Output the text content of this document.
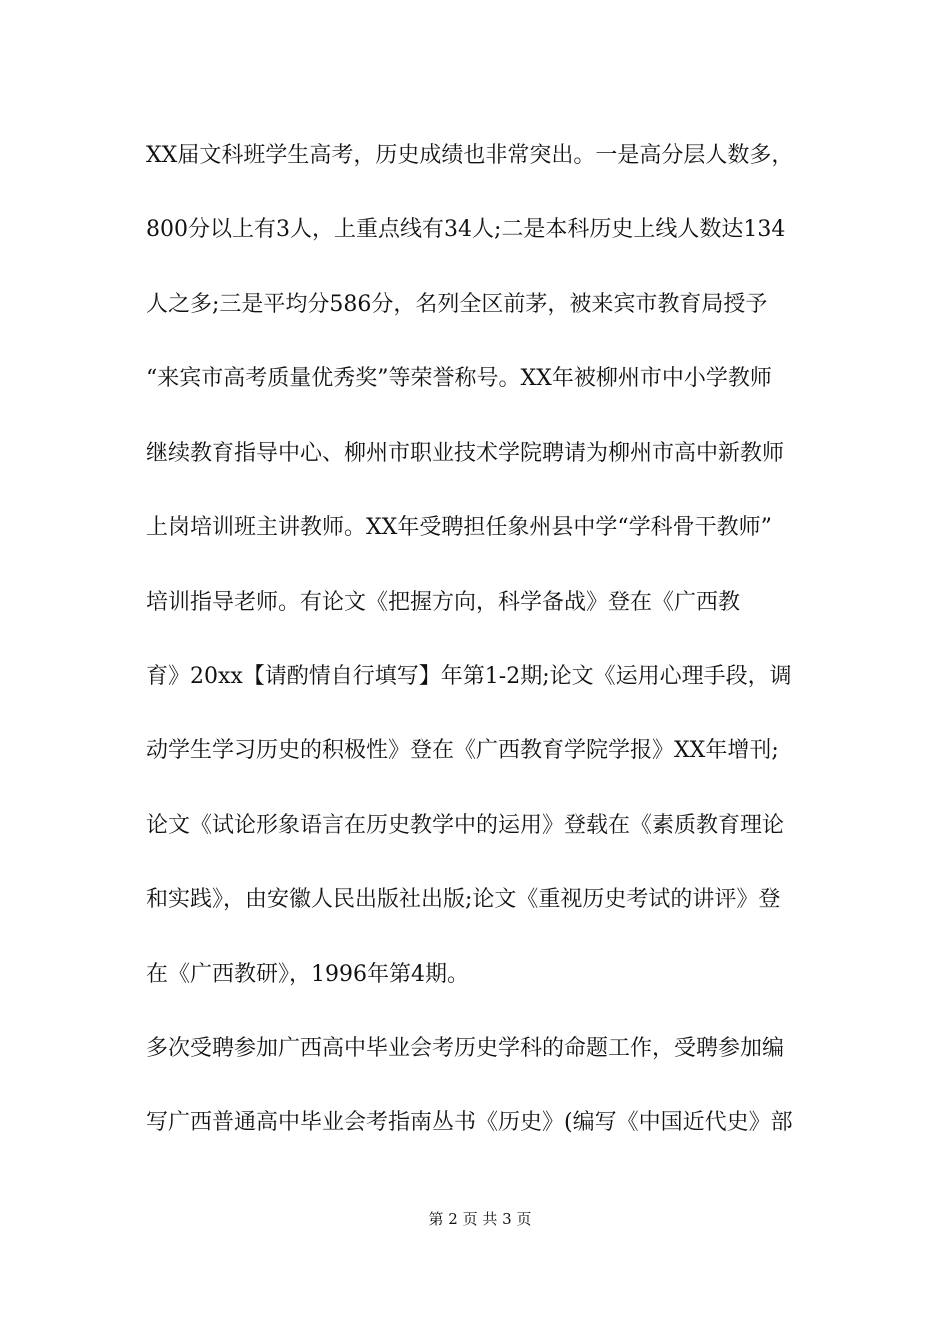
XX届文科班学生高考，历史成绩也非常突出。一是高分层人数多，
800分以上有3人，上重点线有34人;二是本科历史上线人数达134
人之多;三是平均分586分，名列全区前茅，被来宾市教育局授予
“来宾市高考质量优秀奖”等荣誉称号。XX年被柳州市中小学教师
继续教育指导中心、柳州市职业技术学院聘请为柳州市高中新教师
上岗培训班主讲教师。XX年受聘担任象州县中学“学科骨干教师”
培训指导老师。有论文《把握方向，科学备战》登在《广西教
育》20xx【请酌情自行填写】年第1-2期;论文《运用心理手段，调
动学生学习历史的积极性》登在《广西教育学院学报》XX年增刊;
论文《试论形象语言在历史教学中的运用》登载在《素质教育理论
和实践》，由安徽人民出版社出版;论文《重视历史考试的讲评》登
在《广西教研》，1996年第4期。
多次受聘参加广西高中毕业会考历史学科的命题工作，受聘参加编
写广西普通高中毕业会考指南丛书《历史》(编写《中国近代史》部
第 2 页 共 3 页
